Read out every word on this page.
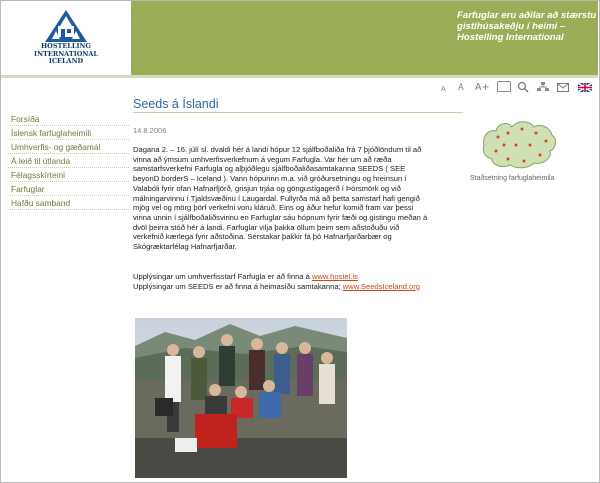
HOSTELLING
INTERNATIONAL
ICELAND
Farfuglar eru aðilar að stærstu gistihúsakeðju í heimi – Hostelling International
A A A+
Forsíða
Íslensk farfuglaheimili
Umhverfis- og gæðamál
Á leið til útlanda
Félagsskírteini
Farfuglar
Hafðu samband
Seeds á Íslandi
14.8.2006
Dagana 2. – 16. júlí sl. dvaldi hér á landi hópur 12 sjálfboðaliða frá 7 þjóðlöndum til að vinna að ýmsum umhverfisverkefnum á vegum Farfugla. Var hér um að ræða samstarfsverkefni Farfugla og alþjóðlegu sjálfboðaliðasamtakanna SEEDS ( SEE beyonD borderS – Iceland ). Vann hópurinn m.a. við gróðursetningu og hreinsun í Valabóli fyrir ofan Hafnarfjörð, grisjun trjáa og göngustígagerð í Þórsmörk og við málningarvinnu í Tjaldsvæðinu í Laugardal. Fullyrða má að þetta samstarf hafi gengið mjög vel og mörg þörf verkefni voru kláruð. Eins og áður hefur komið fram var þessi vinna unnin í sjálfboðaliðsvinnu en Farfuglar sáu hópnum fyrir fæði og gistingu meðan á dvöl þeirra stóð hér á landi. Farfuglar vilja þakka öllum þeim sem aðstoðuðu við verkefnið kærlega fyrir aðstoðina. Sérstakar þakkir fá þó Hafnarfjarðarbær og Skógræktarfélag Hafnarfjarðar.
Upplýsingar um umhverfisstarf Farfugla er að finna á www.hostel.is
Upplýsingar um SEEDS er að finna á heimasíðu samtakanna; www.SeedsIceland.org
Staðsetning farfuglaheimila
